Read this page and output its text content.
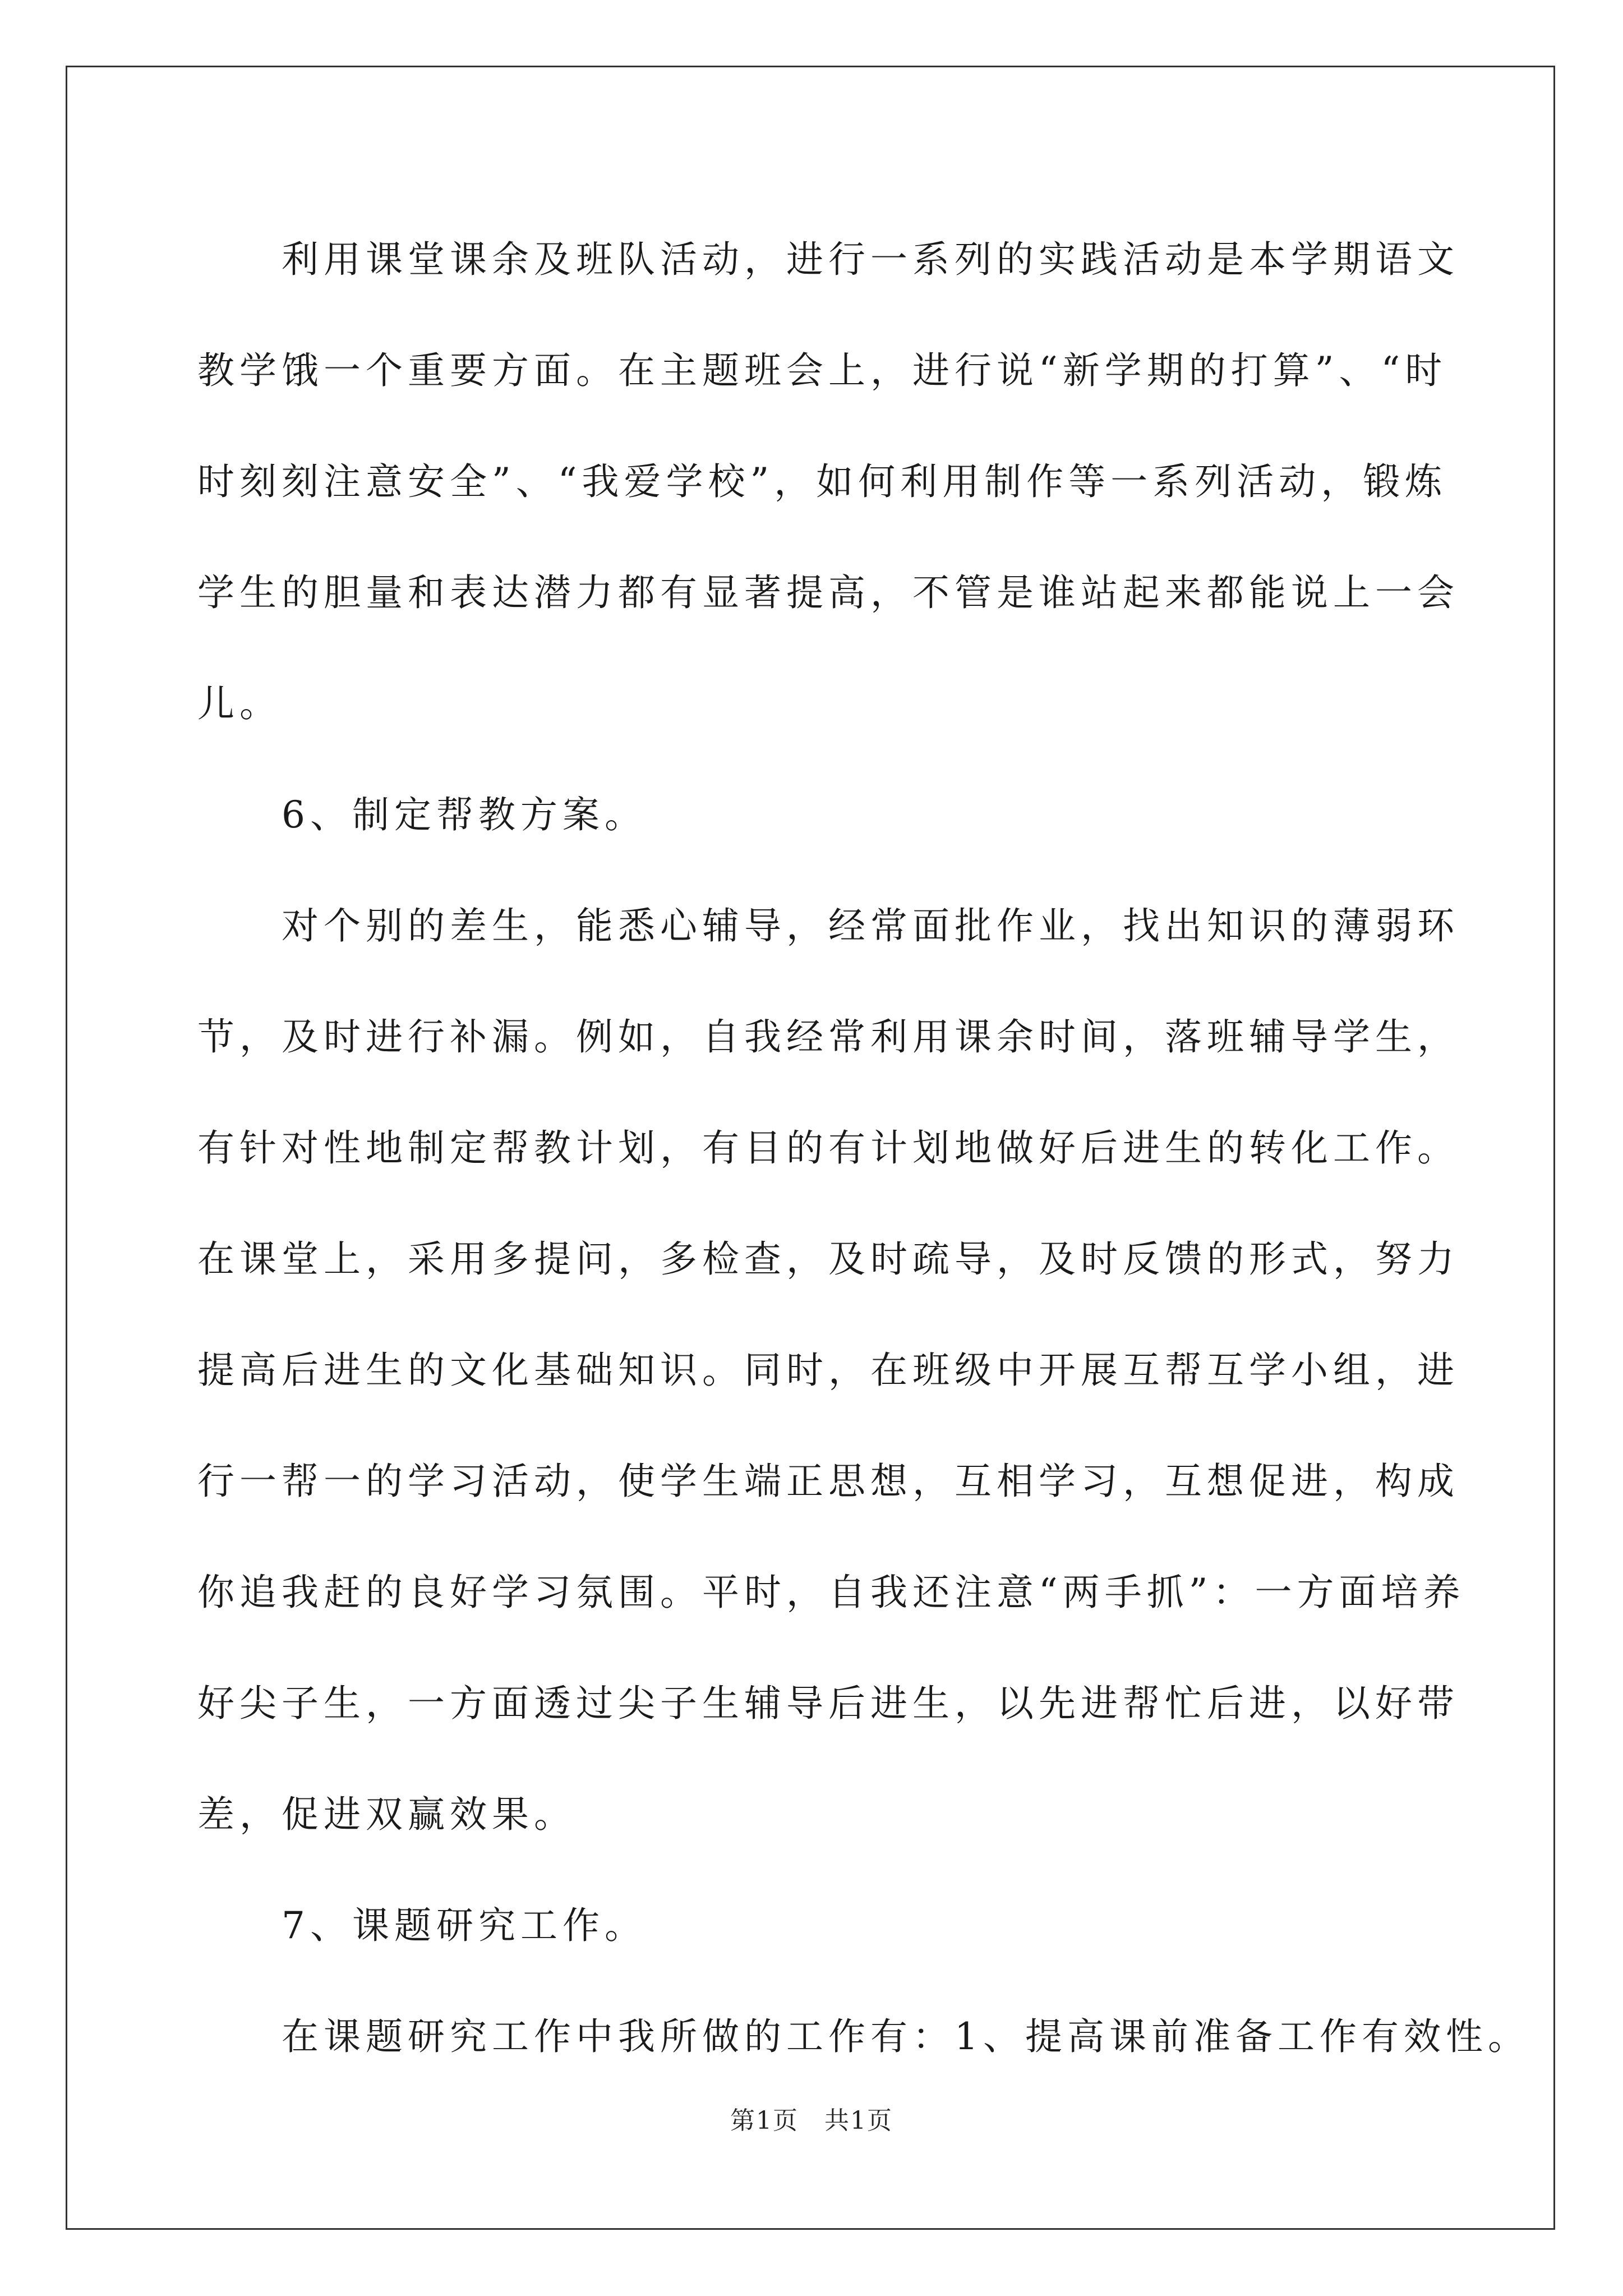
利用课堂课余及班队活动，进行一系列的实践活动是本学期语文
教学饿一个重要方面。在主题班会上，进行说“新学期的打算”、“时
时刻刻注意安全”、“我爱学校”，如何利用制作等一系列活动，锻炼
学生的胆量和表达潜力都有显著提高，不管是谁站起来都能说上一会
儿。
6、制定帮教方案。
对个别的差生，能悉心辅导，经常面批作业，找出知识的薄弱环
节，及时进行补漏。例如，自我经常利用课余时间，落班辅导学生，
有针对性地制定帮教计划，有目的有计划地做好后进生的转化工作。
在课堂上，采用多提问，多检查，及时疏导，及时反馈的形式，努力
提高后进生的文化基础知识。同时，在班级中开展互帮互学小组，进
行一帮一的学习活动，使学生端正思想，互相学习，互想促进，构成
你追我赶的良好学习氛围。平时，自我还注意“两手抓”：一方面培养
好尖子生，一方面透过尖子生辅导后进生，以先进帮忙后进，以好带
差，促进双赢效果。
7、课题研究工作。
在课题研究工作中我所做的工作有：1、提高课前准备工作有效性。
第1页　共1页
